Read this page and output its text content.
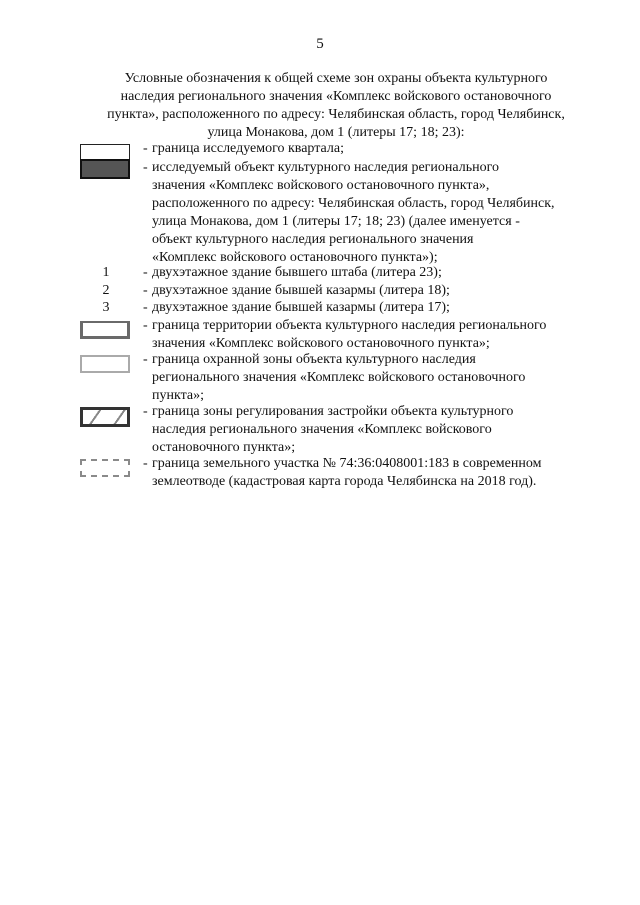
5
Условные обозначения к общей схеме зон охраны объекта культурного
наследия регионального значения «Комплекс войскового остановочного
пункта», расположенного по адресу: Челябинская область, город Челябинск,
улица Монакова, дом 1 (литеры 17; 18; 23):
- граница исследуемого квартала;
- исследуемый объект культурного наследия регионального
значения «Комплекс войскового остановочного пункта»,
расположенного по адресу: Челябинская область, город Челябинск,
улица Монакова, дом 1 (литеры 17; 18; 23) (далее именуется -
объект культурного наследия регионального значения
«Комплекс войскового остановочного пункта»);
1	- двухэтажное здание бывшего штаба (литера 23);
2	- двухэтажное здание бывшей казармы (литера 18);
3	- двухэтажное здание бывшей казармы (литера 17);
- граница территории объекта культурного наследия регионального
значения «Комплекс войскового остановочного пункта»;
- граница охранной зоны объекта культурного наследия
регионального значения «Комплекс войскового остановочного
пункта»;
- граница зоны регулирования застройки объекта культурного
наследия регионального значения «Комплекс войскового
остановочного пункта»;
- граница земельного участка № 74:36:0408001:183 в современном
землеотводе (кадастровая карта города Челябинска на 2018 год).
